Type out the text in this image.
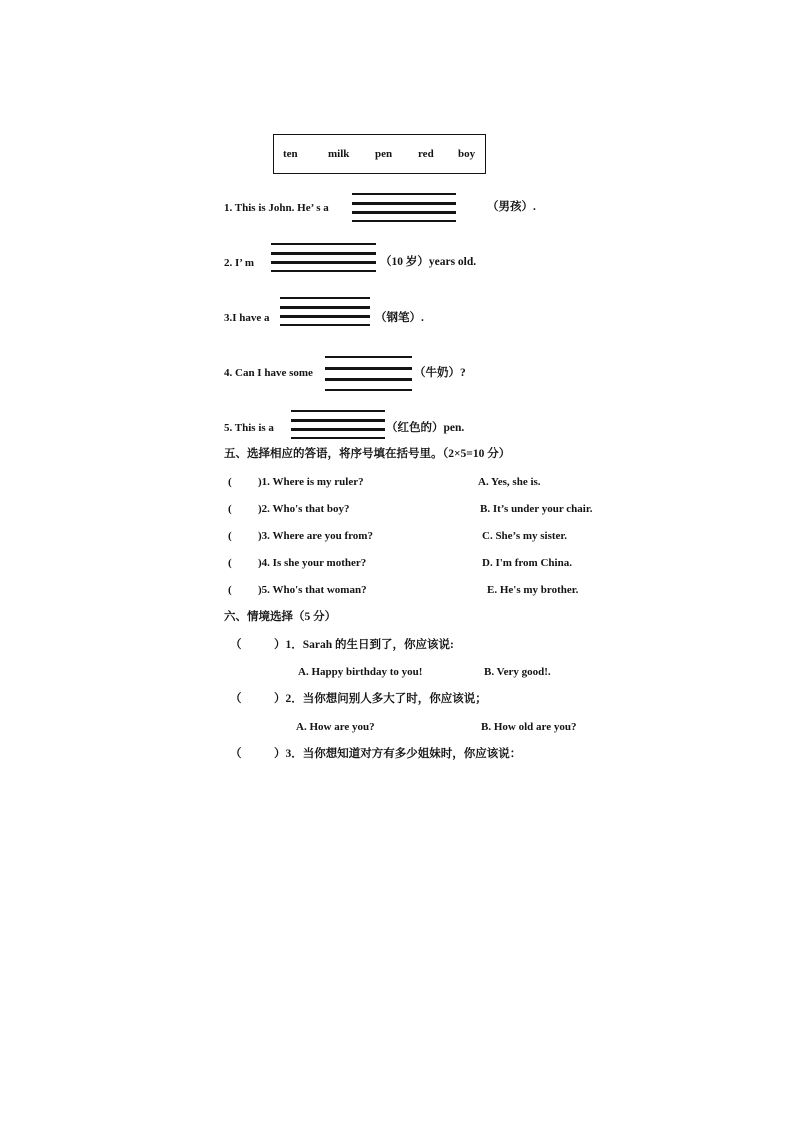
ten	milk pen red boy
1. This is John. He’ s a	（男孩）.
2. I’ m	（10 岁）years old.
3.I have a	（钢笔）.
4. Can I have some	（牛奶）?
5. This is a	（红色的）pen.
五、选择相应的答语，将序号填在括号里。（2×5=10 分）
( )1. Where is my ruler?	A. Yes, she is.
( )2. Who's that boy?	B. It’s under your chair.
( )3. Where are you from?	C. She’s my sister.
( )4. Is she your mother?	D. I'm from China.
( )5. Who's that woman?	E. He's my brother.
六、情境选择（5 分）
（	）1．Sarah 的生日到了，你应该说:
A. Happy birthday to you!	B. Very good!.
（	）2．当你想问别人多大了时，你应该说；
A. How are you?	B. How old are you?
（	）3．当你想知道对方有多少姐妹时，你应该说：
